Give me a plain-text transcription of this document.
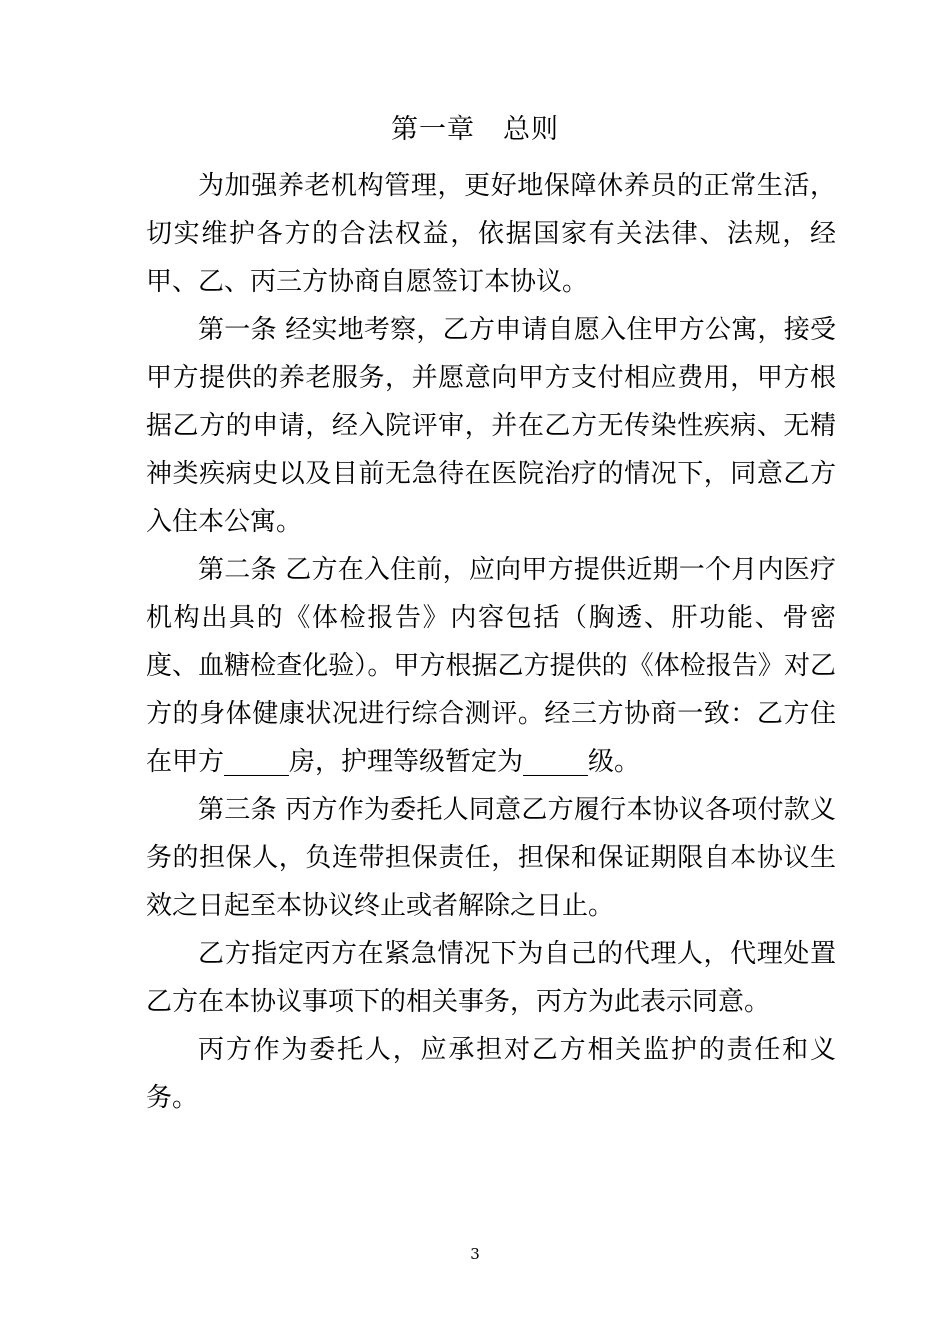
第一章　总则

为加强养老机构管理，更好地保障休养员的正常生活，切实维护各方的合法权益，依据国家有关法律、法规，经甲、乙、丙三方协商自愿签订本协议。

第一条 经实地考察，乙方申请自愿入住甲方公寓，接受甲方提供的养老服务，并愿意向甲方支付相应费用，甲方根据乙方的申请，经入院评审，并在乙方无传染性疾病、无精神类疾病史以及目前无急待在医院治疗的情况下，同意乙方入住本公寓。

第二条 乙方在入住前，应向甲方提供近期一个月内医疗机构出具的《体检报告》内容包括（胸透、肝功能、骨密度、血糖检查化验）。甲方根据乙方提供的《体检报告》对乙方的身体健康状况进行综合测评。经三方协商一致：乙方住在甲方_____房，护理等级暂定为_____级。

第三条 丙方作为委托人同意乙方履行本协议各项付款义务的担保人，负连带担保责任，担保和保证期限自本协议生效之日起至本协议终止或者解除之日止。

乙方指定丙方在紧急情况下为自己的代理人，代理处置乙方在本协议事项下的相关事务，丙方为此表示同意。

丙方作为委托人，应承担对乙方相关监护的责任和义务。

3
